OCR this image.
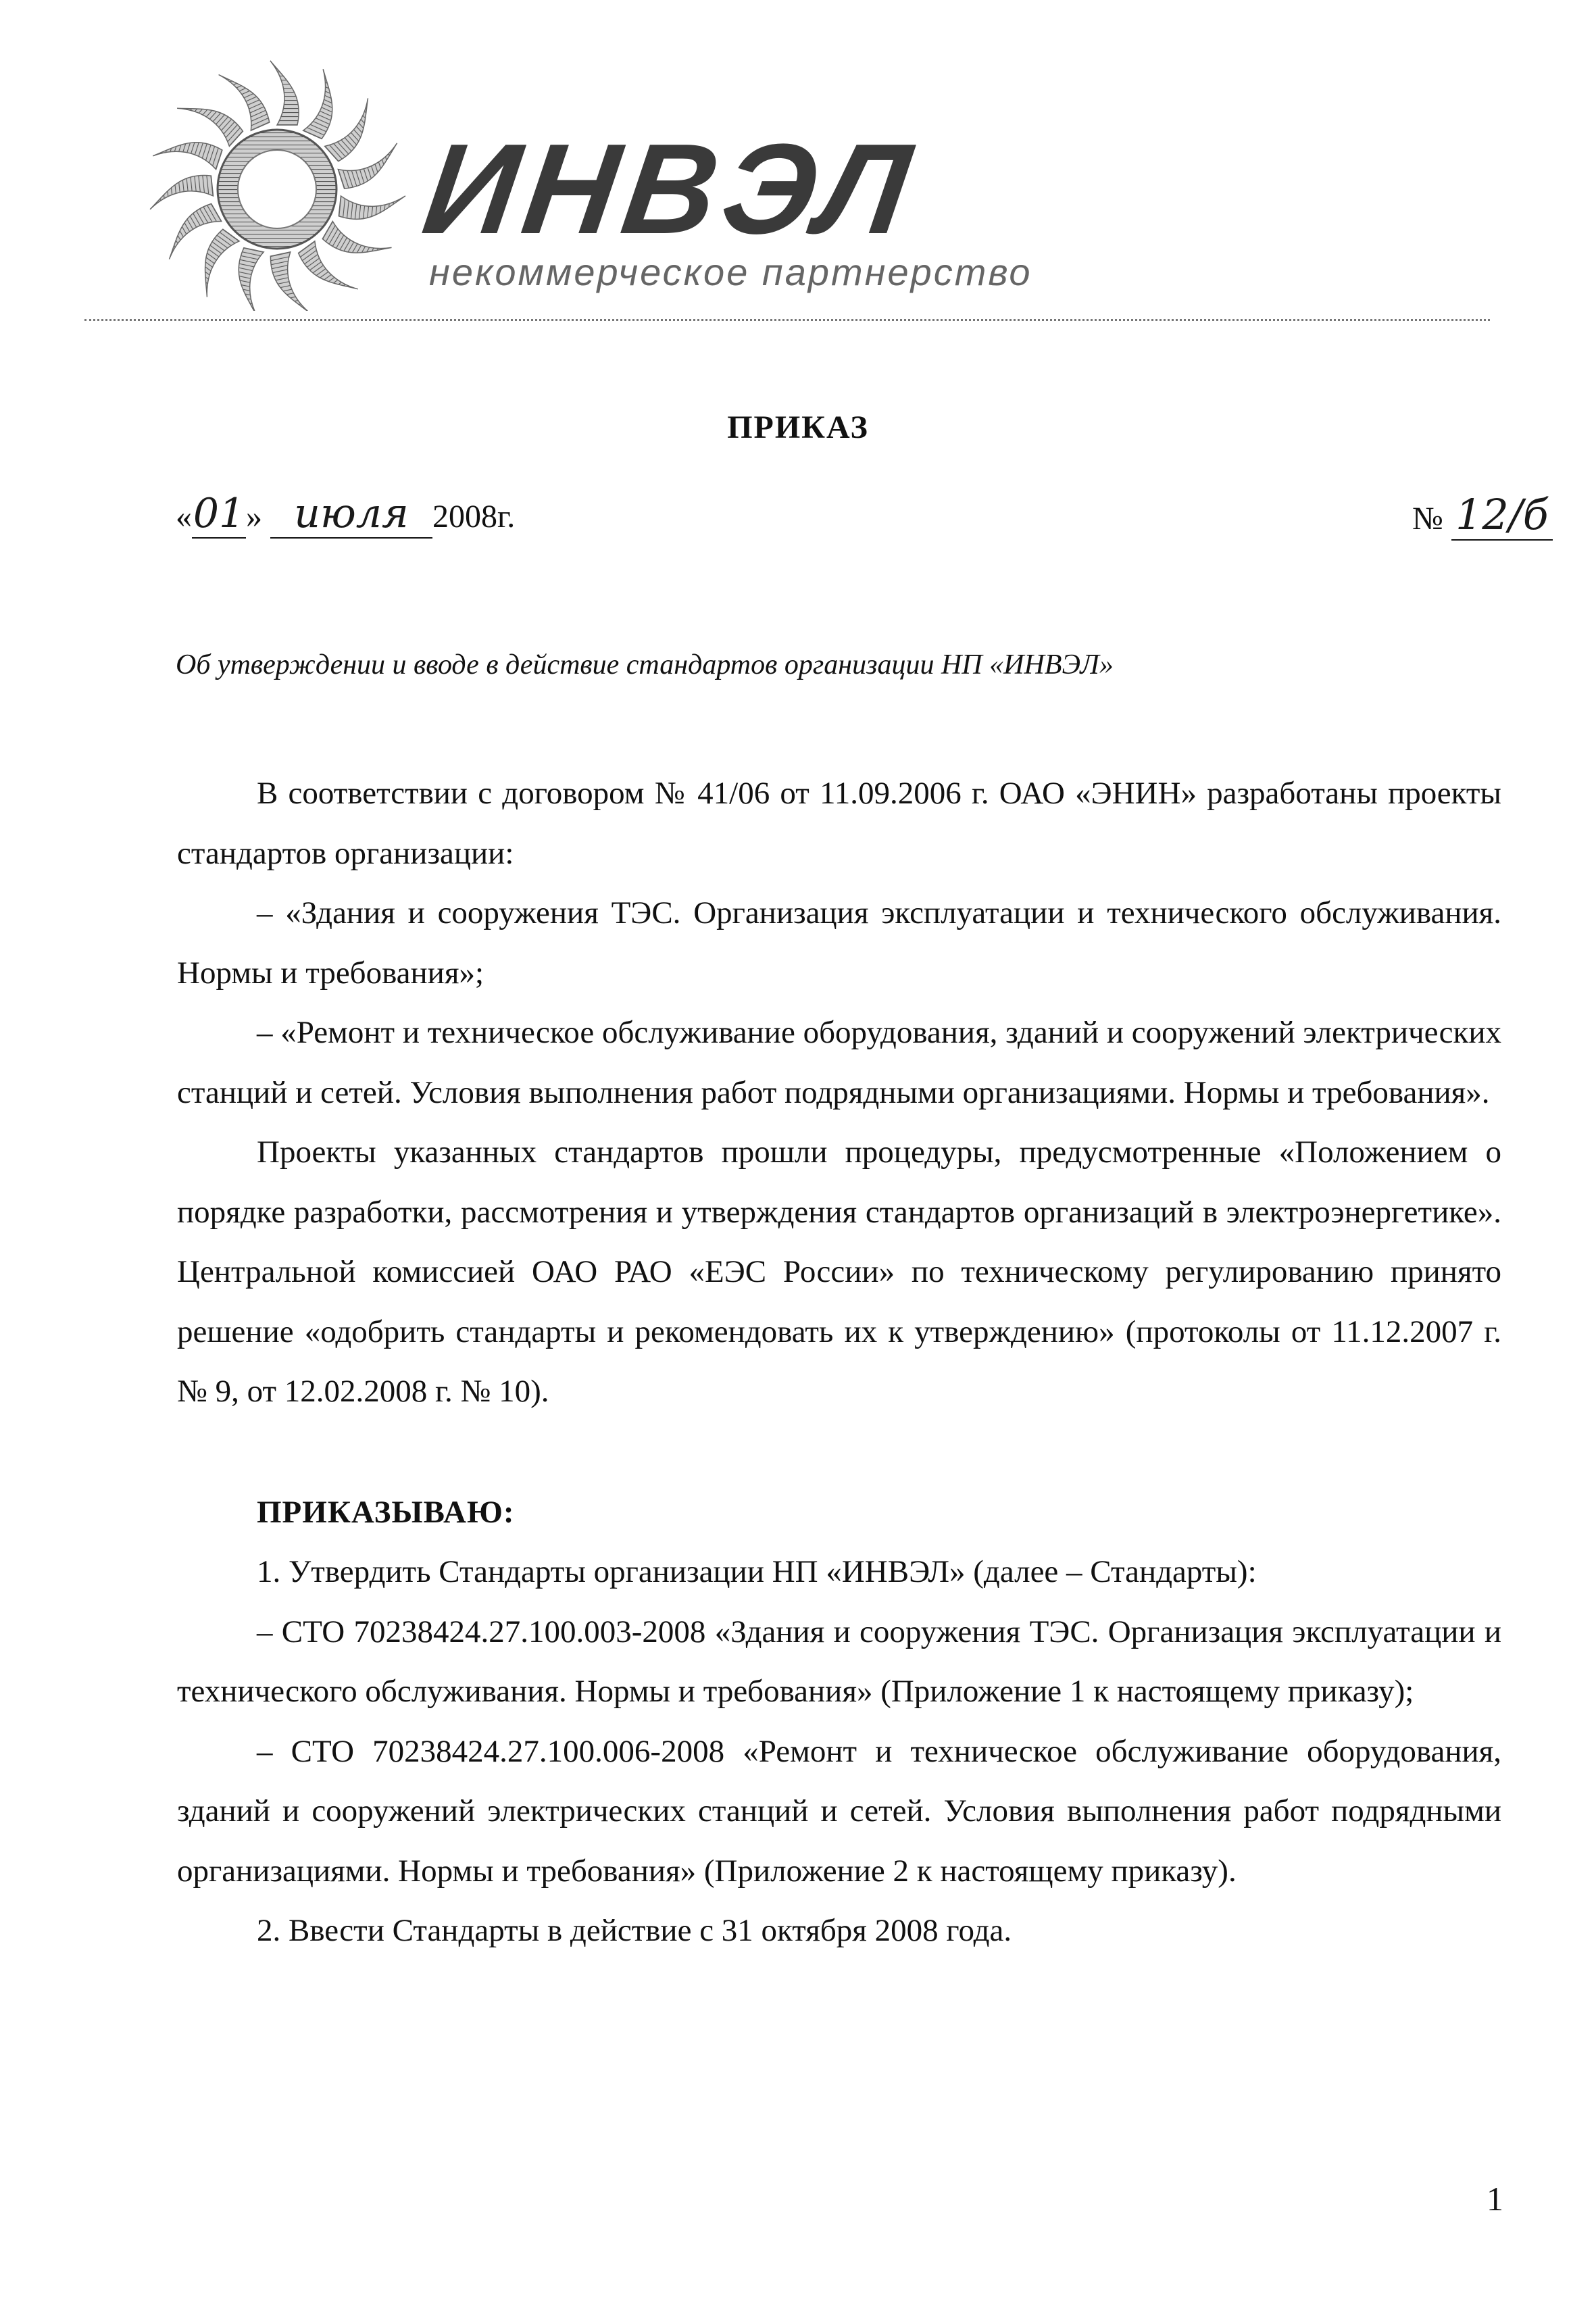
ИНВЭЛ
некоммерческое партнерство
ПРИКАЗ
«01» июля 2008г.	№ 12/б
Об утверждении и вводе в действие стандартов организации НП «ИНВЭЛ»

В соответствии с договором № 41/06 от 11.09.2006 г. ОАО «ЭНИН» разработаны проекты стандартов организации:

– «Здания и сооружения ТЭС. Организация эксплуатации и технического обслуживания. Нормы и требования»;

– «Ремонт и техническое обслуживание оборудования, зданий и сооружений электрических станций и сетей. Условия выполнения работ подрядными организациями. Нормы и требования».

Проекты указанных стандартов прошли процедуры, предусмотренные «Положением о порядке разработки, рассмотрения и утверждения стандартов организаций в электроэнергетике». Центральной комиссией ОАО РАО «ЕЭС России» по техническому регулированию принято решение «одобрить стандарты и рекомендовать их к утверждению» (протоколы от 11.12.2007 г. № 9, от 12.02.2008 г. № 10).

ПРИКАЗЫВАЮ:

1. Утвердить Стандарты организации НП «ИНВЭЛ» (далее – Стандарты):

– СТО 70238424.27.100.003-2008 «Здания и сооружения ТЭС. Организация эксплуатации и технического обслуживания. Нормы и требования» (Приложение 1 к настоящему приказу);

– СТО 70238424.27.100.006-2008 «Ремонт и техническое обслуживание оборудования, зданий и сооружений электрических станций и сетей. Условия выполнения работ подрядными организациями. Нормы и требования» (Приложение 2 к настоящему приказу).

2. Ввести Стандарты в действие с 31 октября 2008 года.

1
